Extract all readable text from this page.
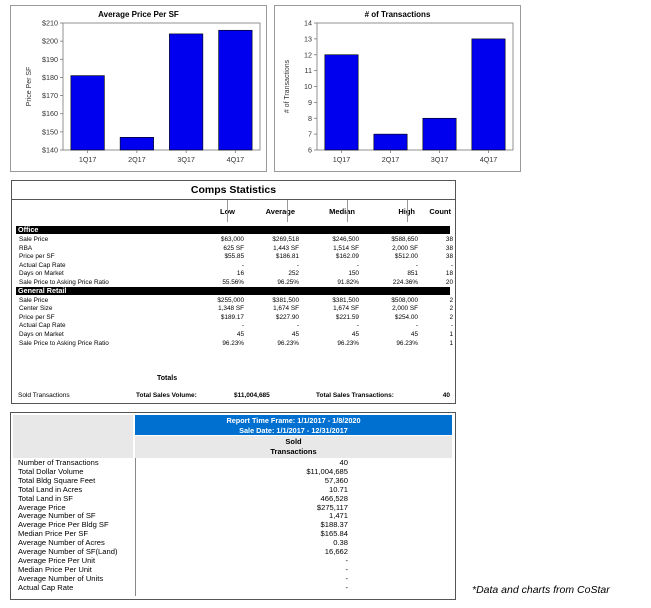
Average Price Per SF
$140
$150
$160
$170
$180
$190
$200
$210
1Q17	2Q17	3Q17	4Q17
Price Per SF
# of Transactions
6
7
8
9
10
11
12
13
14
1Q17	2Q17	3Q17	4Q17
# of Transactions
Comps Statistics
Low	Average	Median	High	Count
Office
Sale Price	$63,000	$269,518	$246,500	$588,650	38
RBA	625 SF	1,443 SF	1,514 SF	2,000 SF	38
Price per SF	$55.85	$186.81	$162.09	$512.00	38
Actual Cap Rate	-	-	-	-	-
Days on Market	16	252	150	851	18
Sale Price to Asking Price Ratio	55.56%	96.25%	91.82%	224.36%	20
General Retail
Sale Price	$255,000	$381,500	$381,500	$508,000	2
Center Size	1,348 SF	1,674 SF	1,674 SF	2,000 SF	2
Price per SF	$189.17	$227.90	$221.59	$254.00	2
Actual Cap Rate	-	-	-	-	-
Days on Market	45	45	45	45	1
Sale Price to Asking Price Ratio	96.23%	96.23%	96.23%	96.23%	1
Totals
Sold Transactions	Total Sales Volume:	$11,004,685	Total Sales Transactions:	40
Report Time Frame: 1/1/2017 - 1/8/2020
Sale Date: 1/1/2017 - 12/31/2017
Sold
Transactions
Number of Transactions	40
Total Dollar Volume	$11,004,685
Total Bldg Square Feet	57,360
Total Land in Acres	10.71
Total Land in SF	466,528
Average Price	$275,117
Average Number of SF	1,471
Average Price Per Bldg SF	$188.37
Median Price Per SF	$165.84
Average Number of Acres	0.38
Average Number of SF(Land)	16,662
Average Price Per Unit	-
Median Price Per Unit	-
Average Number of Units	-
Actual Cap Rate	-	*Data and charts from CoStar
